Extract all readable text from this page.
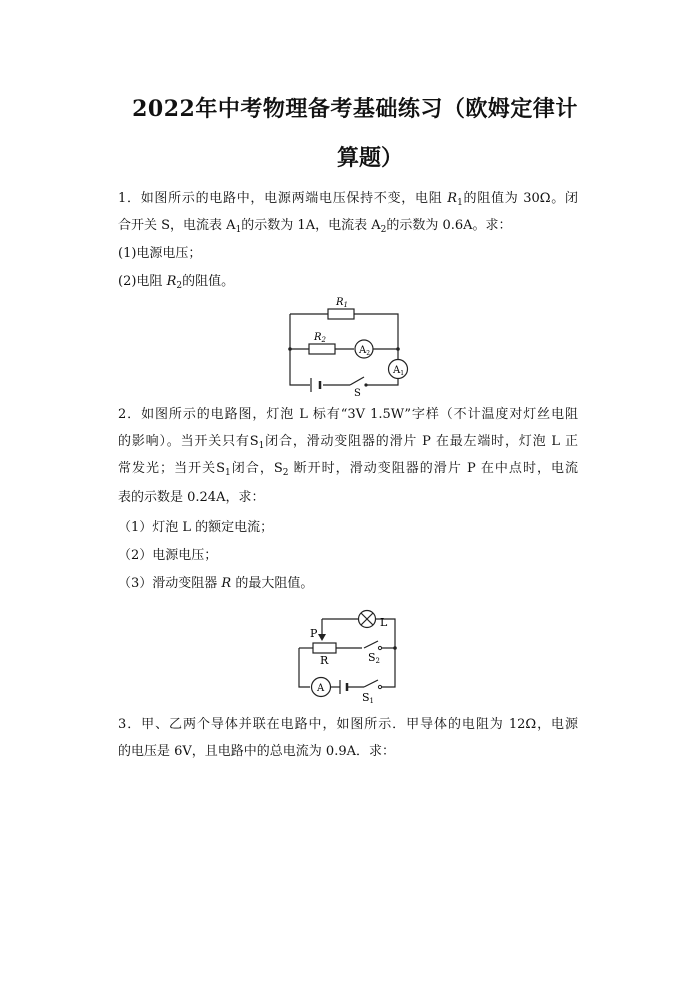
2022年中考物理备考基础练习（欧姆定律计
算题）
1．如图所示的电路中，电源两端电压保持不变，电阻 $R_1$的阻值为 30Ω。闭
合开关 S，电流表 $A_1$的示数为 1A，电流表 $A_2$的示数为 0.6A。求：
(1)电源电压；
(2)电阻 $R_2$的阻值。
$R_1$
$R_2$
$A_2$
$A_1$
S
2．如图所示的电路图，灯泡 L 标有“3V 1.5W”字样（不计温度对灯丝电阻
的影响）。当开关只有$S_1$闭合，滑动变阻器的滑片 P 在最左端时，灯泡 L 正
常发光；当开关$S_1$闭合，$S_2$ 断开时，滑动变阻器的滑片 P 在中点时，电流
表的示数是 0.24A，求：
（1）灯泡 L 的额定电流；
（2）电源电压；
（3）滑动变阻器 R 的最大阻值。
P
L
R	S2
A
S1
3．甲、乙两个导体并联在电路中，如图所示．甲导体的电阻为 12Ω，电源
的电压是 6V，且电路中的总电流为 0.9A．求：
